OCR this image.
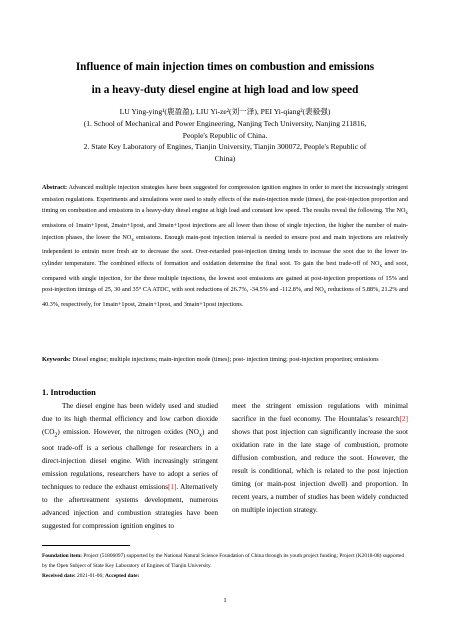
Influence of main injection times on combustion and emissions
in a heavy-duty diesel engine at high load and low speed
LU Ying-ying¹(鹿盈盈), LIU Yi-ze²(刘一泽), PEI Yi-qiang²(裴毅强)
(1. School of Mechanical and Power Engineering, Nanjing Tech University, Nanjing 211816,
People's Republic of China.
2. State Key Laboratory of Engines, Tianjin University, Tianjin 300072, People's Republic of
China)
Abstract: Advanced multiple injection strategies have been suggested for compression ignition engines in order to meet the increasingly stringent emission regulations. Experiments and simulations were used to study effects of the main-injection mode (times), the post-injection proportion and timing on combustion and emissions in a heavy-duty diesel engine at high load and constant low speed. The results reveal the following. The $NO_x$ emissions of 1main+1post, 2main+1post, and 3main+1post injections are all lower than those of single injection, the higher the number of main-injection phases, the lower the $NO_x$ emissions. Enough main-post injection interval is needed to ensure post and main injections are relatively independent to entrain more fresh air to decrease the soot. Over-retarded post-injection timing tends to increase the soot due to the lower in-cylinder temperature. The combined effects of formation and oxidation determine the final soot. To gain the best trade-off of $NO_x$ and soot, compared with single injection, for the three multiple injections, the lowest soot emissions are gained at post-injection proportions of 15% and post-injection timings of 25, 30 and 35° CA ATDC, with soot reductions of 26.7%, -34.5% and -112.8%, and $NO_x$ reductions of 5.88%, 21.2% and 40.3%, respectively, for 1main+1post, 2main+1post, and 3main+1post injections.
Keywords: Diesel engine; multiple injections; main-injection mode (times); post- injection timing; post-injection proportion; emissions
1. Introduction

The diesel engine has been widely used and studied due to its high thermal efficiency and low carbon dioxide $(CO_2)$ emission. However, the nitrogen oxides $(NO_x)$ and soot trade-off is a serious challenge for researchers in a direct-injection diesel engine. With increasingly stringent emission regulations, researchers have to adopt a series of techniques to reduce the exhaust emissions[1]. Alternatively to the aftertreatment systems development, numerous advanced injection and combustion strategies have been suggested for compression ignition engines to

meet the stringent emission regulations with minimal sacrifice in the fuel economy. The Hountalas’s research[2] shows that post injection can significantly increase the soot oxidation rate in the late stage of combustion, promote diffusion combustion, and reduce the soot. However, the result is conditional, which is related to the post injection timing (or main-post injection dwell) and proportion. In recent years, a number of studies has been widely conducted on multiple injection strategy.

Foundation item: Project (51806097) supported by the National Natural Science Foundation of China through its youth project funding; Project (K2018-08) supported by the Open Subject of State Key Laboratory of Engines of Tianjin University.
Received date: 2021-01-06; Accepted date:
1
